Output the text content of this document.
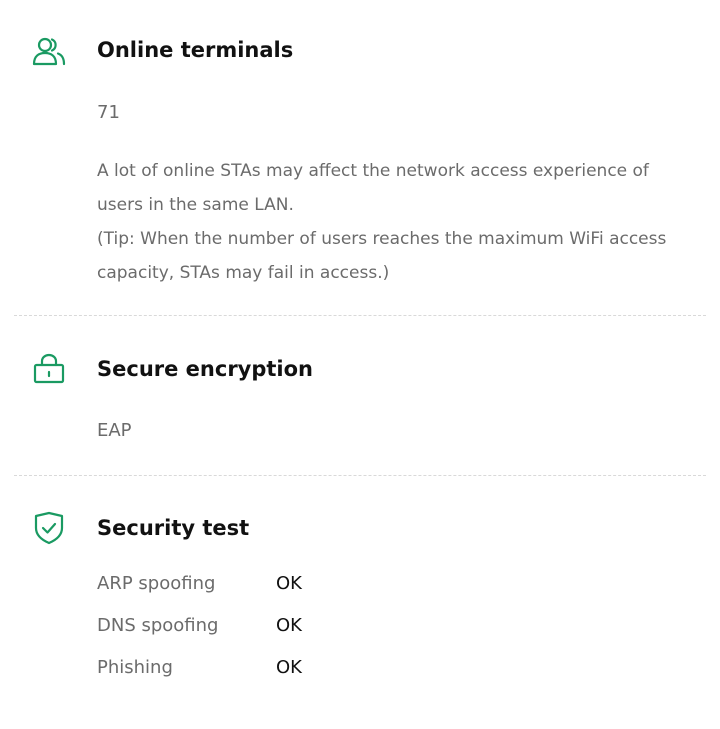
Online terminals
71

A lot of online STAs may affect the network access experience of users in the same LAN.

(Tip: When the number of users reaches the maximum WiFi access capacity, STAs may fail in access.)

Secure encryption
EAP
Security test
ARP spoofing	OK
DNS spoofing	OK
Phishing	OK
